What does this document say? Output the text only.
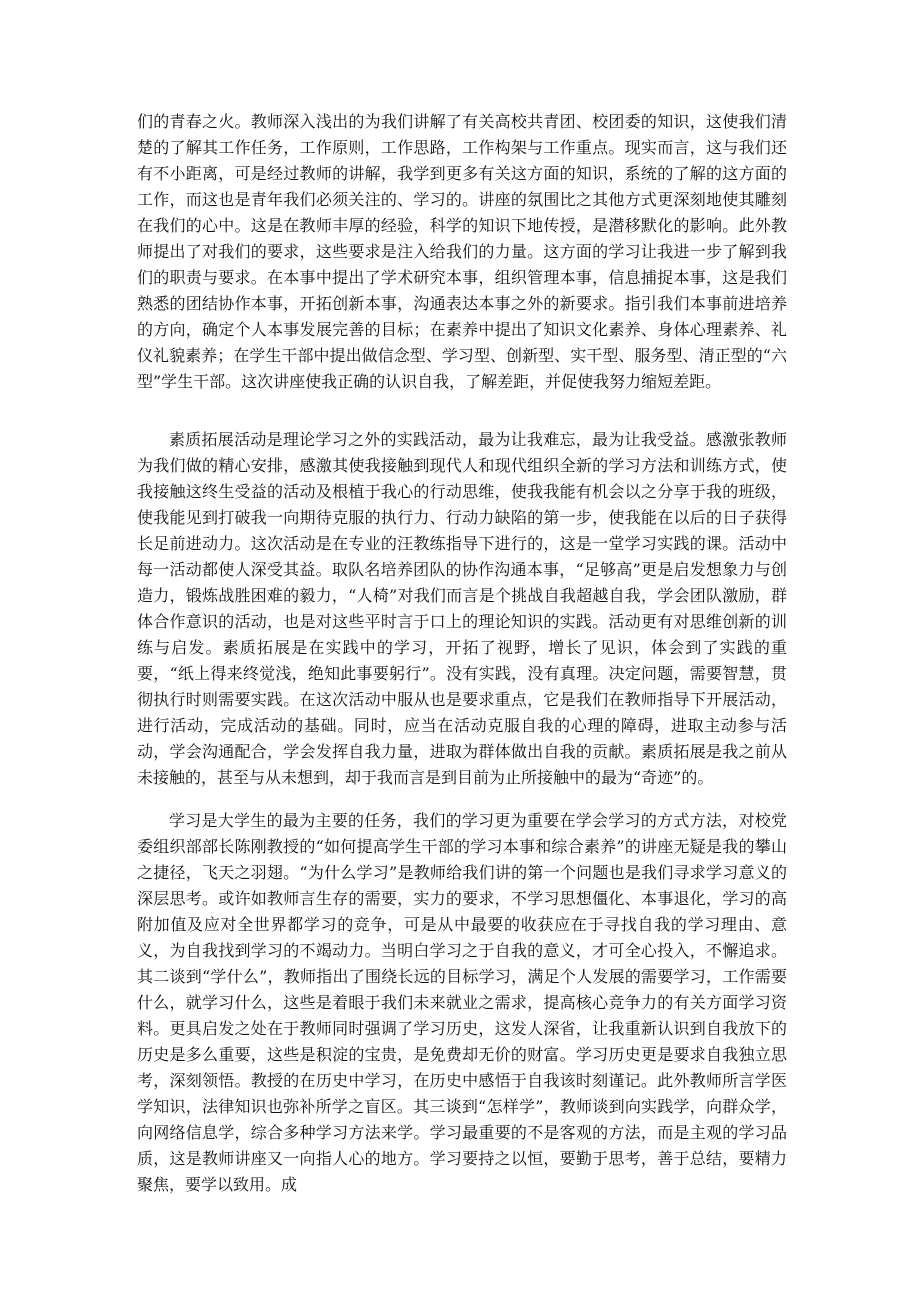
们的青春之火。教师深入浅出的为我们讲解了有关高校共青团、校团委的知识，这使我们清楚的了解其工作任务，工作原则，工作思路，工作构架与工作重点。现实而言，这与我们还有不小距离，可是经过教师的讲解，我学到更多有关这方面的知识，系统的了解的这方面的工作，而这也是青年我们必须关注的、学习的。讲座的氛围比之其他方式更深刻地使其雕刻在我们的心中。这是在教师丰厚的经验，科学的知识下地传授，是潜移默化的影响。此外教师提出了对我们的要求，这些要求是注入给我们的力量。这方面的学习让我进一步了解到我们的职责与要求。在本事中提出了学术研究本事，组织管理本事，信息捕捉本事，这是我们熟悉的团结协作本事，开拓创新本事，沟通表达本事之外的新要求。指引我们本事前进培养的方向，确定个人本事发展完善的目标；在素养中提出了知识文化素养、身体心理素养、礼仪礼貌素养；在学生干部中提出做信念型、学习型、创新型、实干型、服务型、清正型的“六型”学生干部。这次讲座使我正确的认识自我，了解差距，并促使我努力缩短差距。

素质拓展活动是理论学习之外的实践活动，最为让我难忘，最为让我受益。感激张教师为我们做的精心安排，感激其使我接触到现代人和现代组织全新的学习方法和训练方式，使我接触这终生受益的活动及根植于我心的行动思维，使我我能有机会以之分享于我的班级，使我能见到打破我一向期待克服的执行力、行动力缺陷的第一步，使我能在以后的日子获得长足前进动力。这次活动是在专业的汪教练指导下进行的，这是一堂学习实践的课。活动中每一活动都使人深受其益。取队名培养团队的协作沟通本事，“足够高”更是启发想象力与创造力，锻炼战胜困难的毅力，“人椅”对我们而言是个挑战自我超越自我，学会团队激励，群体合作意识的活动，也是对这些平时言于口上的理论知识的实践。活动更有对思维创新的训练与启发。素质拓展是在实践中的学习，开拓了视野，增长了见识，体会到了实践的重要，“纸上得来终觉浅，绝知此事要躬行”。没有实践，没有真理。决定问题，需要智慧，贯彻执行时则需要实践。在这次活动中服从也是要求重点，它是我们在教师指导下开展活动，进行活动，完成活动的基础。同时，应当在活动克服自我的心理的障碍，进取主动参与活动，学会沟通配合，学会发挥自我力量，进取为群体做出自我的贡献。素质拓展是我之前从未接触的，甚至与从未想到，却于我而言是到目前为止所接触中的最为“奇迹”的。

学习是大学生的最为主要的任务，我们的学习更为重要在学会学习的方式方法，对校党委组织部部长陈刚教授的“如何提高学生干部的学习本事和综合素养”的讲座无疑是我的攀山之捷径，飞天之羽翅。“为什么学习”是教师给我们讲的第一个问题也是我们寻求学习意义的深层思考。或许如教师言生存的需要，实力的要求，不学习思想僵化、本事退化，学习的高附加值及应对全世界都学习的竞争，可是从中最要的收获应在于寻找自我的学习理由、意义，为自我找到学习的不竭动力。当明白学习之于自我的意义，才可全心投入，不懈追求。其二谈到“学什么”，教师指出了围绕长远的目标学习，满足个人发展的需要学习，工作需要什么，就学习什么，这些是着眼于我们未来就业之需求，提高核心竞争力的有关方面学习资料。更具启发之处在于教师同时强调了学习历史，这发人深省，让我重新认识到自我放下的历史是多么重要，这些是积淀的宝贵，是免费却无价的财富。学习历史更是要求自我独立思考，深刻领悟。教授的在历史中学习，在历史中感悟于自我该时刻谨记。此外教师所言学医学知识，法律知识也弥补所学之盲区。其三谈到“怎样学”，教师谈到向实践学，向群众学，向网络信息学，综合多种学习方法来学。学习最重要的不是客观的方法，而是主观的学习品质，这是教师讲座又一向指人心的地方。学习要持之以恒，要勤于思考，善于总结，要精力聚焦，要学以致用。成
